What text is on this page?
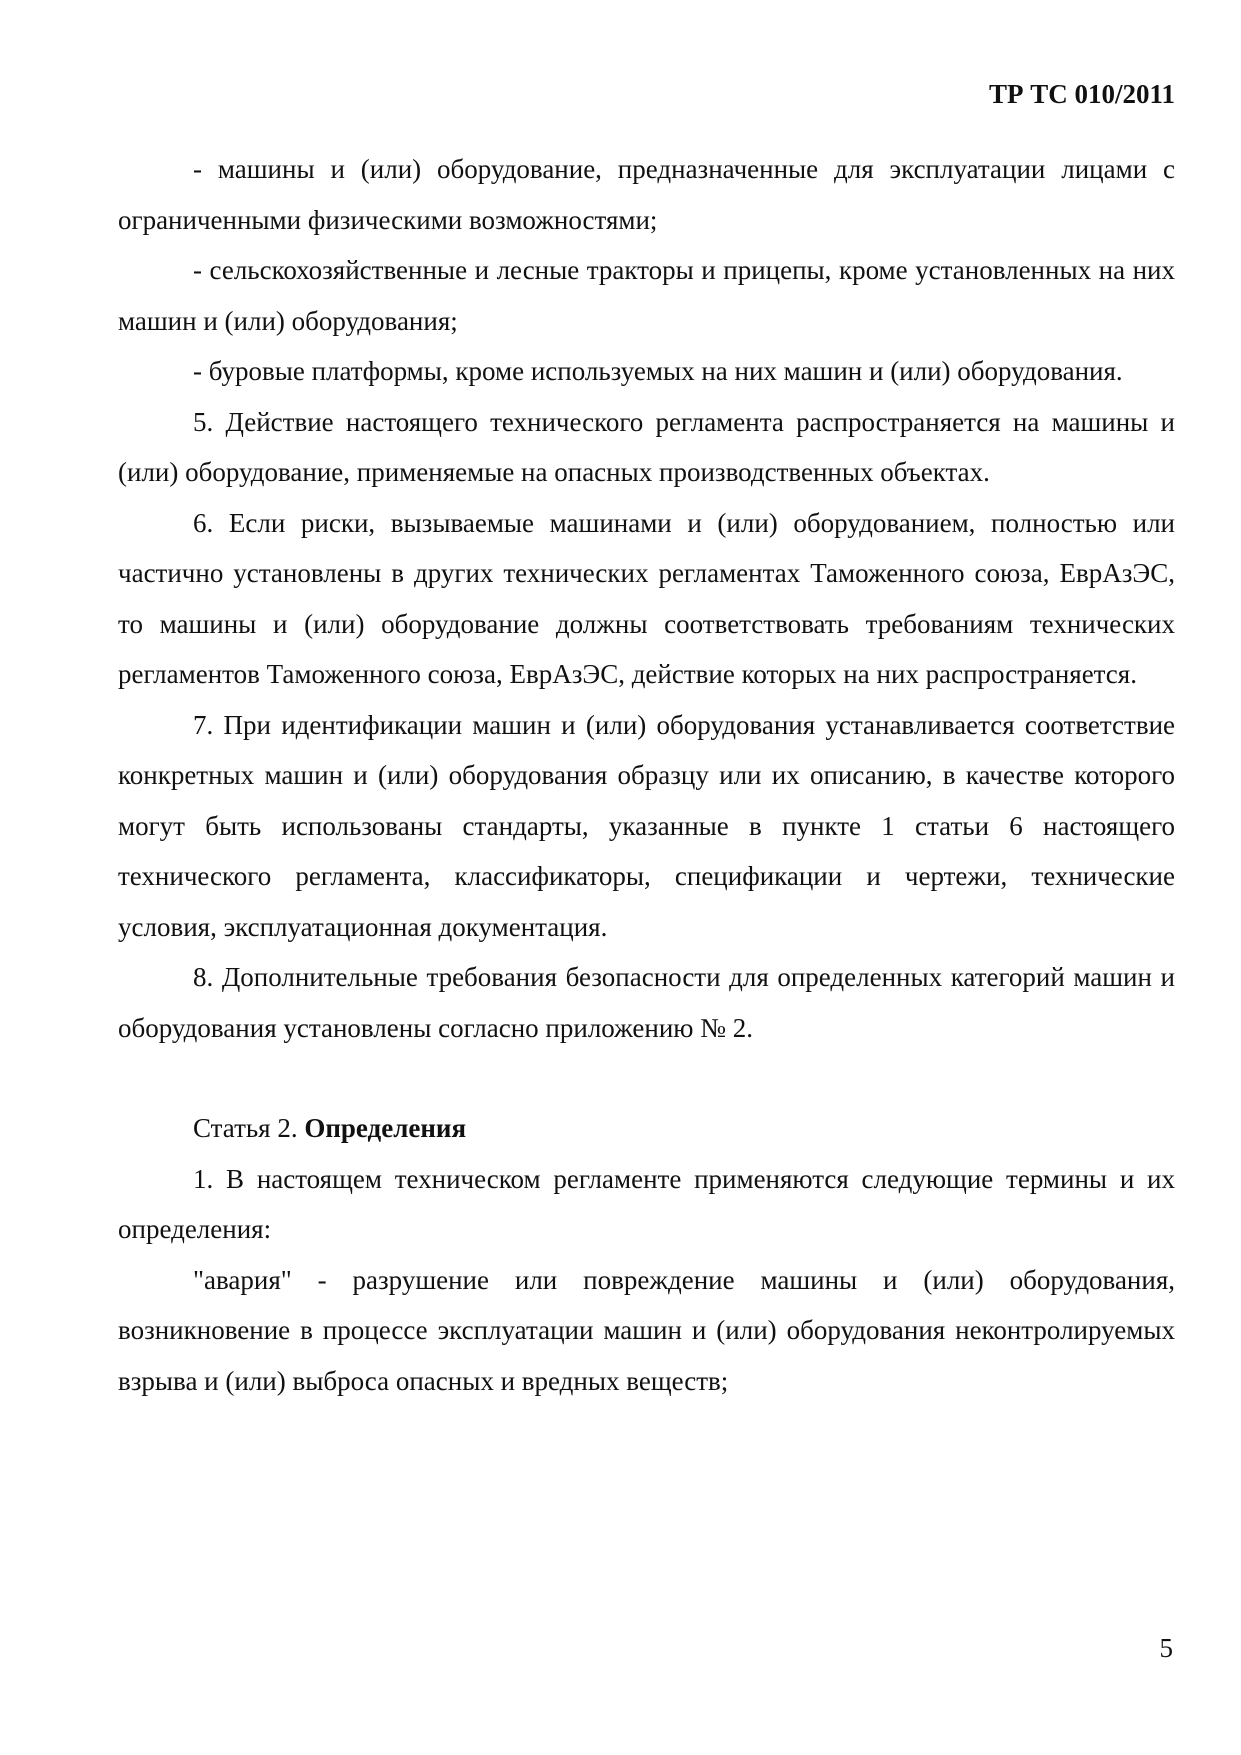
ТР ТС 010/2011

- машины и (или) оборудование, предназначенные для эксплуатации лицами с ограниченными физическими возможностями;

- сельскохозяйственные и лесные тракторы и прицепы, кроме установленных на них машин и (или) оборудования;

- буровые платформы, кроме используемых на них машин и (или) оборудования.

5. Действие настоящего технического регламента распространяется на машины и (или) оборудование, применяемые на опасных производственных объектах.

6. Если риски, вызываемые машинами и (или) оборудованием, полностью или частично установлены в других технических регламентах Таможенного союза, ЕврАзЭС, то машины и (или) оборудование должны соответствовать требованиям технических регламентов Таможенного союза, ЕврАзЭС, действие которых на них распространяется.

7. При идентификации машин и (или) оборудования устанавливается соответствие конкретных машин и (или) оборудования образцу или их описанию, в качестве которого могут быть использованы стандарты, указанные в пункте 1 статьи 6 настоящего технического регламента, классификаторы, спецификации и чертежи, технические условия, эксплуатационная документация.

8. Дополнительные требования безопасности для определенных категорий машин и оборудования установлены согласно приложению № 2.

Статья 2. Определения

1. В настоящем техническом регламенте применяются следующие термины и их определения:

"авария" - разрушение или повреждение машины и (или) оборудования, возникновение в процессе эксплуатации машин и (или) оборудования неконтролируемых взрыва и (или) выброса опасных и вредных веществ;

5
